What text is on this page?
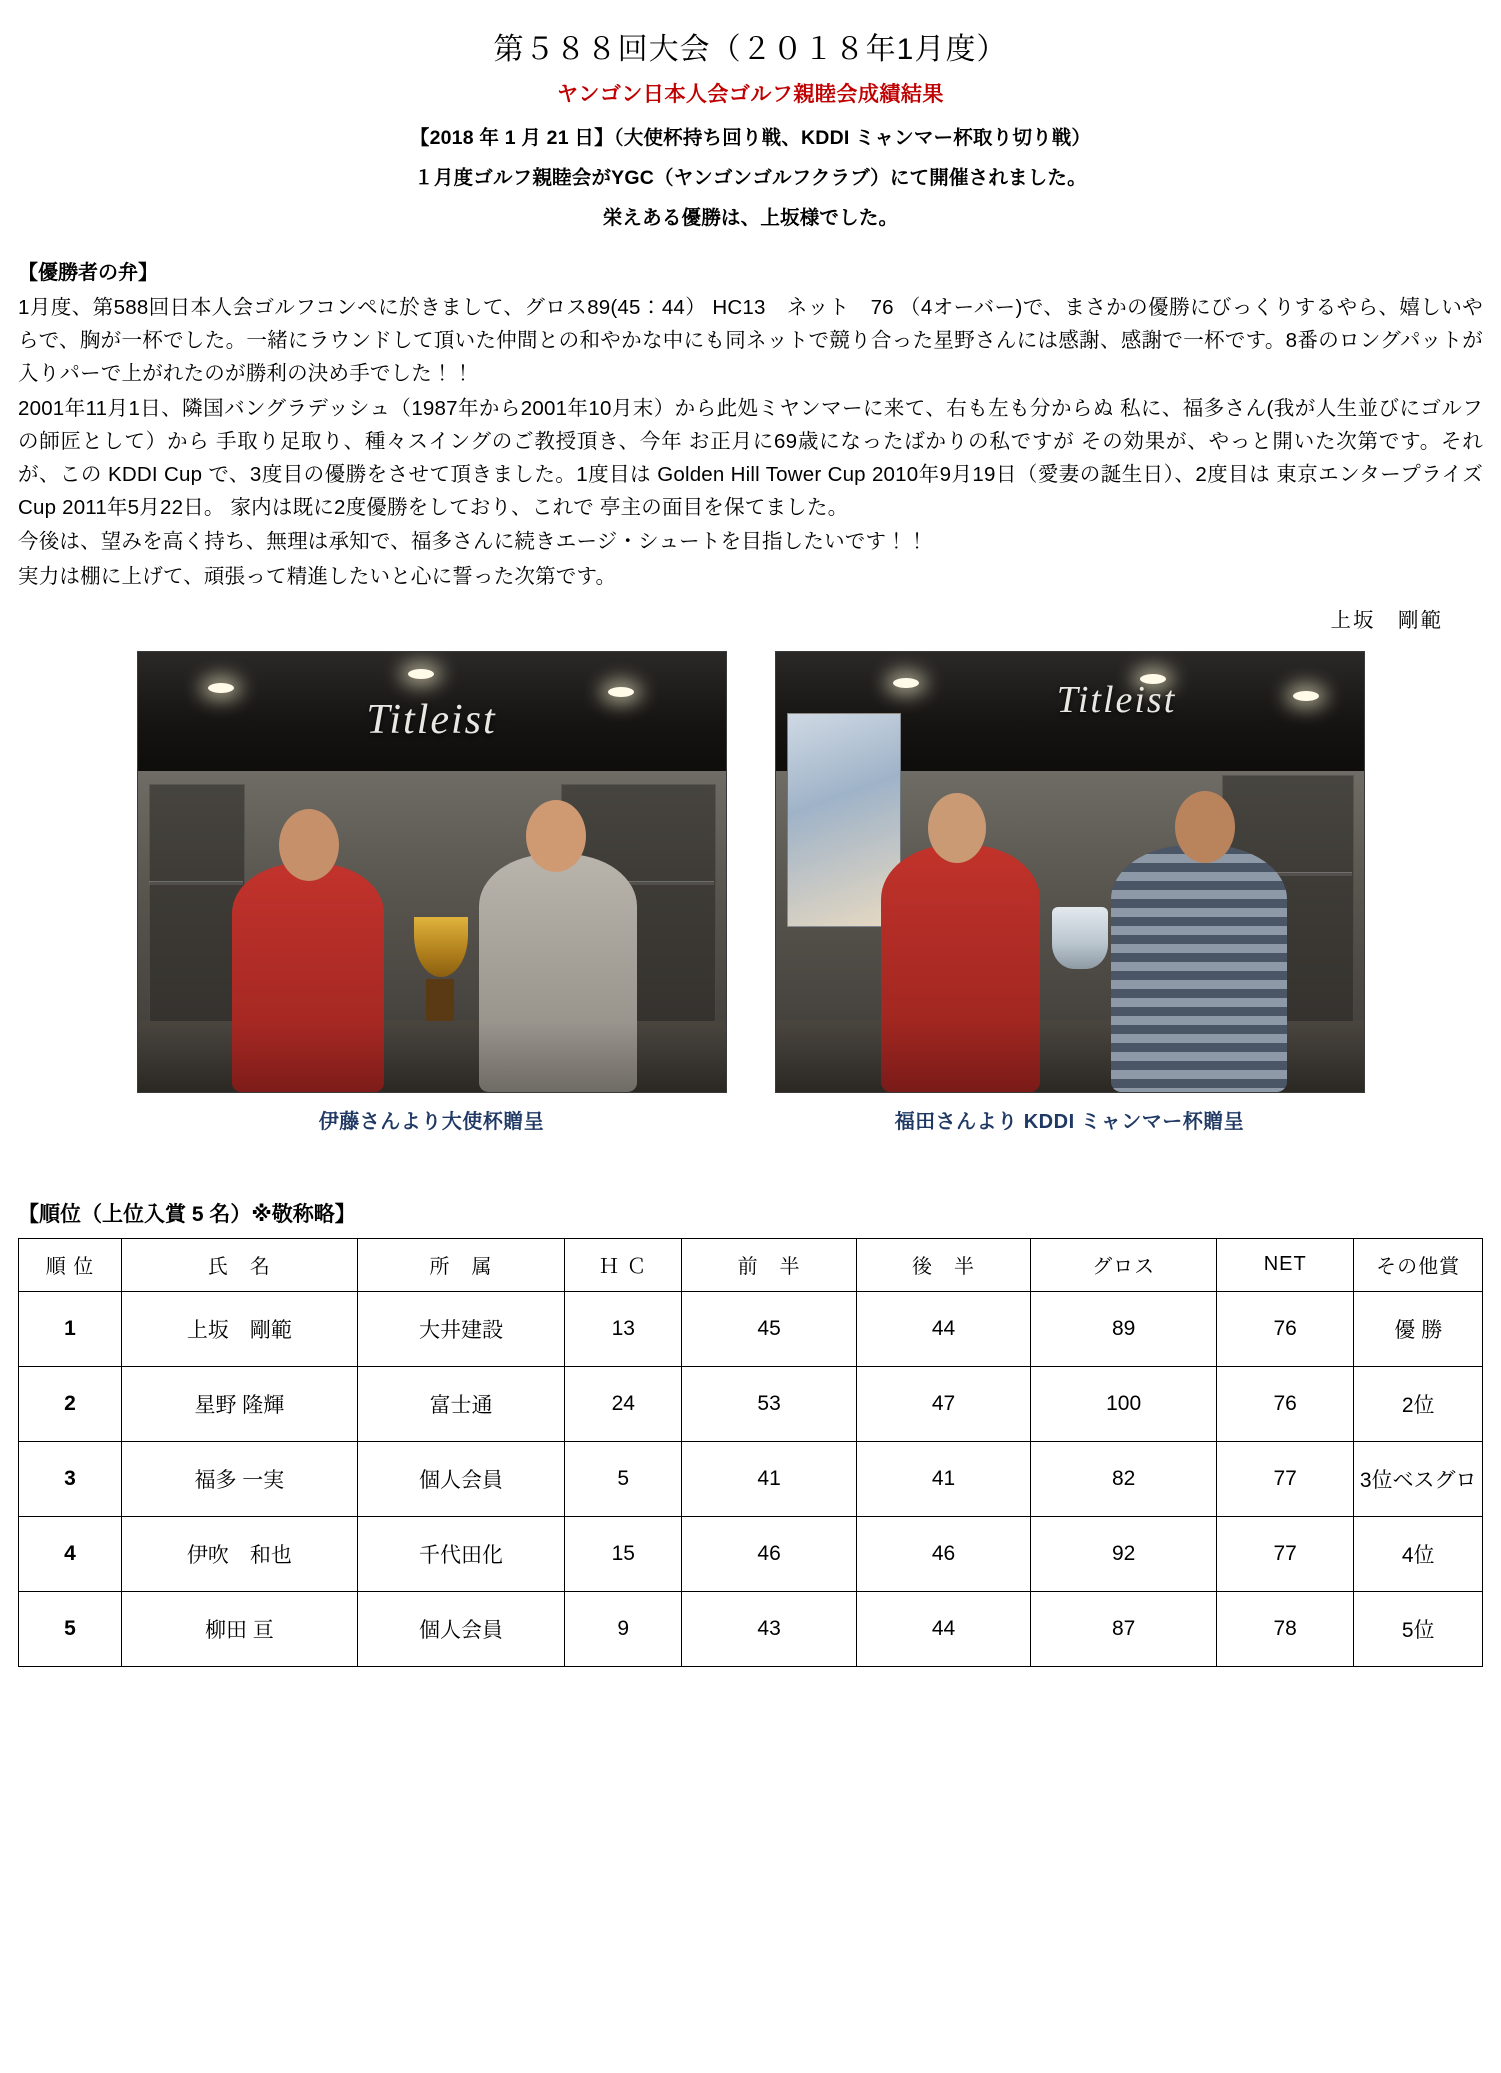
第５８８回大会（２０１８年1月度）
ヤンゴン日本人会ゴルフ親睦会成績結果
【2018 年 1 月 21 日】（大使杯持ち回り戦、KDDI ミャンマー杯取り切り戦）
１月度ゴルフ親睦会がYGC（ヤンゴンゴルフクラブ）にて開催されました。
栄えある優勝は、上坂様でした。
【優勝者の弁】

1月度、第588回日本人会ゴルフコンペに於きまして、グロス89(45：44） HC13　ネット　76 （4オーバー)で、まさかの優勝にびっくりするやら、嬉しいやらで、胸が一杯でした。一緒にラウンドして頂いた仲間との和やかな中にも同ネットで競り合った星野さんには感謝、感謝で一杯です。8番のロングパットが入りパーで上がれたのが勝利の決め手でした！！

2001年11月1日、隣国バングラデッシュ（1987年から2001年10月末）から此処ミヤンマーに来て、右も左も分からぬ 私に、福多さん(我が人生並びにゴルフの師匠として）から 手取り足取り、種々スイングのご教授頂き、今年 お正月に69歳になったばかりの私ですが その効果が、やっと開いた次第です。それが、この KDDI Cup で、3度目の優勝をさせて頂きました。1度目は Golden Hill Tower Cup 2010年9月19日（愛妻の誕生日）、2度目は 東京エンタープライズ Cup 2011年5月22日。 家内は既に2度優勝をしており、これで 亭主の面目を保てました。

今後は、望みを高く持ち、無理は承知で、福多さんに続きエージ・シュートを目指したいです！！

実力は棚に上げて、頑張って精進したいと心に誓った次第です。

上坂　剛範
Titleist
伊藤さんより大使杯贈呈
Titleist
福田さんより KDDI ミャンマー杯贈呈
【順位（上位入賞 5 名）※敬称略】
順 位	氏　名	所　属	Ｈ Ｃ	前　半	後　半	グロス	NET	その他賞
1	上坂　剛範	大井建設	13	45	44	89	76	優 勝
2	星野 隆輝	富士通	24	53	47	100	76	2位
3	福多 一実	個人会員	5	41	41	82	77	3位ベスグロ
4	伊吹　和也	千代田化	15	46	46	92	77	4位
5	柳田 亘	個人会員	9	43	44	87	78	5位
